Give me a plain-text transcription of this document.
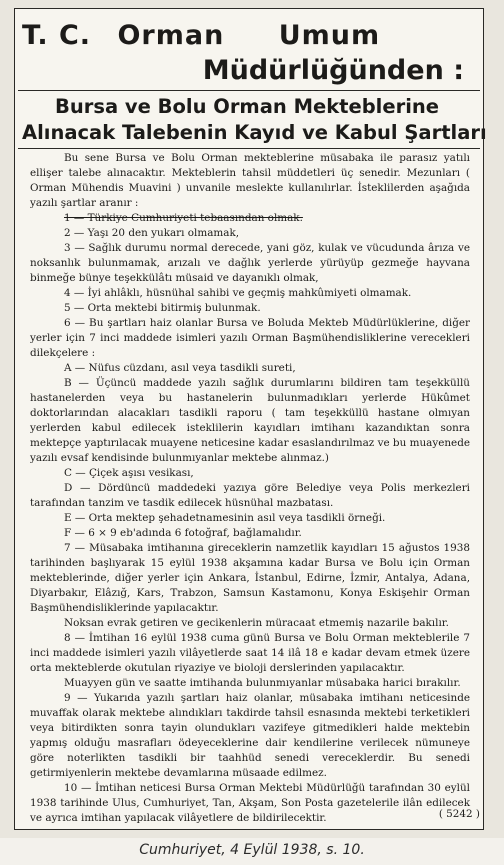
T. C. Orman Umum
Müdürlüğünden :
Bursa ve Bolu Orman Mekteblerine
Alınacak Talebenin Kayıd ve Kabul Şartları

Bu sene Bursa ve Bolu Orman mekteblerine müsabaka ile parasız yatılı ellişer talebe alınacaktır. Mekteblerin tahsil müddetleri üç senedir. Mezunları ( Orman Mühendis Muavini ) unvanile meslekte kullanılırlar. İsteklilerden aşağıda yazılı şartlar aranır :

1 — Türkiye Cumhuriyeti tebaasından olmak.

2 — Yaşı 20 den yukarı olmamak,

3 — Sağlık durumu normal derecede, yani göz, kulak ve vücudunda ârıza ve noksanlık bulunmamak, arızalı ve dağlık yerlerde yürüyüp gezmeğe hayvana binmeğe bünye teşekkülâtı müsaid ve dayanıklı olmak,

4 — İyi ahlâklı, hüsnühal sahibi ve geçmiş mahkûmiyeti olmamak.

5 — Orta mektebi bitirmiş bulunmak.

6 — Bu şartları haiz olanlar Bursa ve Boluda Mekteb Müdürlüklerine, diğer yerler için 7 inci maddede isimleri yazılı Orman Başmühendisliklerine verecekleri dilekçelere :

A — Nüfus cüzdanı, asıl veya tasdikli sureti,

B — Üçüncü maddede yazılı sağlık durumlarını bildiren tam teşekküllü hastanelerden veya bu hastanelerin bulunmadıkları yerlerde Hükûmet doktorlarından alacakları tasdikli raporu ( tam teşekküllü hastane olmıyan yerlerden kabul edilecek isteklilerin kayıdları imtihanı kazandıktan sonra mektepçe yaptırılacak muayene neticesine kadar esaslandırılmaz ve bu muayenede yazılı evsaf kendisinde bulunmıyanlar mektebe alınmaz.)

C — Çiçek aşısı vesikası,

D — Dördüncü maddedeki yazıya göre Belediye veya Polis merkezleri tarafından tanzim ve tasdik edilecek hüsnühal mazbatası.

E — Orta mektep şehadetnamesinin asıl veya tasdikli örneği.

F — 6 × 9 eb'adında 6 fotoğraf, bağlamalıdır.

7 — Müsabaka imtihanına gireceklerin namzetlik kayıdları 15 ağustos 1938 tarihinden başlıyarak 15 eylül 1938 akşamına kadar Bursa ve Bolu için Orman mekteblerinde, diğer yerler için Ankara, İstanbul, Edirne, İzmir, Antalya, Adana, Diyarbakır, Elâzığ, Kars, Trabzon, Samsun Kastamonu, Konya Eskişehir Orman Başmühendisliklerinde yapılacaktır.

Noksan evrak getiren ve gecikenlerin müracaat etmemiş nazarile bakılır.

8 — İmtihan 16 eylül 1938 cuma günü Bursa ve Bolu Orman mekteblerile 7 inci maddede isimleri yazılı vilâyetlerde saat 14 ilâ 18 e kadar devam etmek üzere orta mekteblerde okutulan riyaziye ve bioloji derslerinden yapılacaktır.

Muayyen gün ve saatte imtihanda bulunmıyanlar müsabaka harici bırakılır.

9 — Yukarıda yazılı şartları haiz olanlar, müsabaka imtihanı neticesinde muvaffak olarak mektebe alındıkları takdirde tahsil esnasında mektebi terketikleri veya bitirdikten sonra tayin olundukları vazifeye gitmedikleri halde mektebin yapmış olduğu masrafları ödeyeceklerine dair kendilerine verilecek nümuneye göre noterlikten tasdikli bir taahhüd senedi vereceklerdir. Bu senedi getirmiyenlerin mektebe devamlarına müsaade edilmez.

10 — İmtihan neticesi Bursa Orman Mektebi Müdürlüğü tarafından 30 eylül 1938 tarihinde Ulus, Cumhuriyet, Tan, Akşam, Son Posta gazetelerile ilân edilecek ve ayrıca imtihan yapılacak vilâyetlere de bildirilecektir.	( 5242 )
Cumhuriyet, 4 Eylül 1938, s. 10.
